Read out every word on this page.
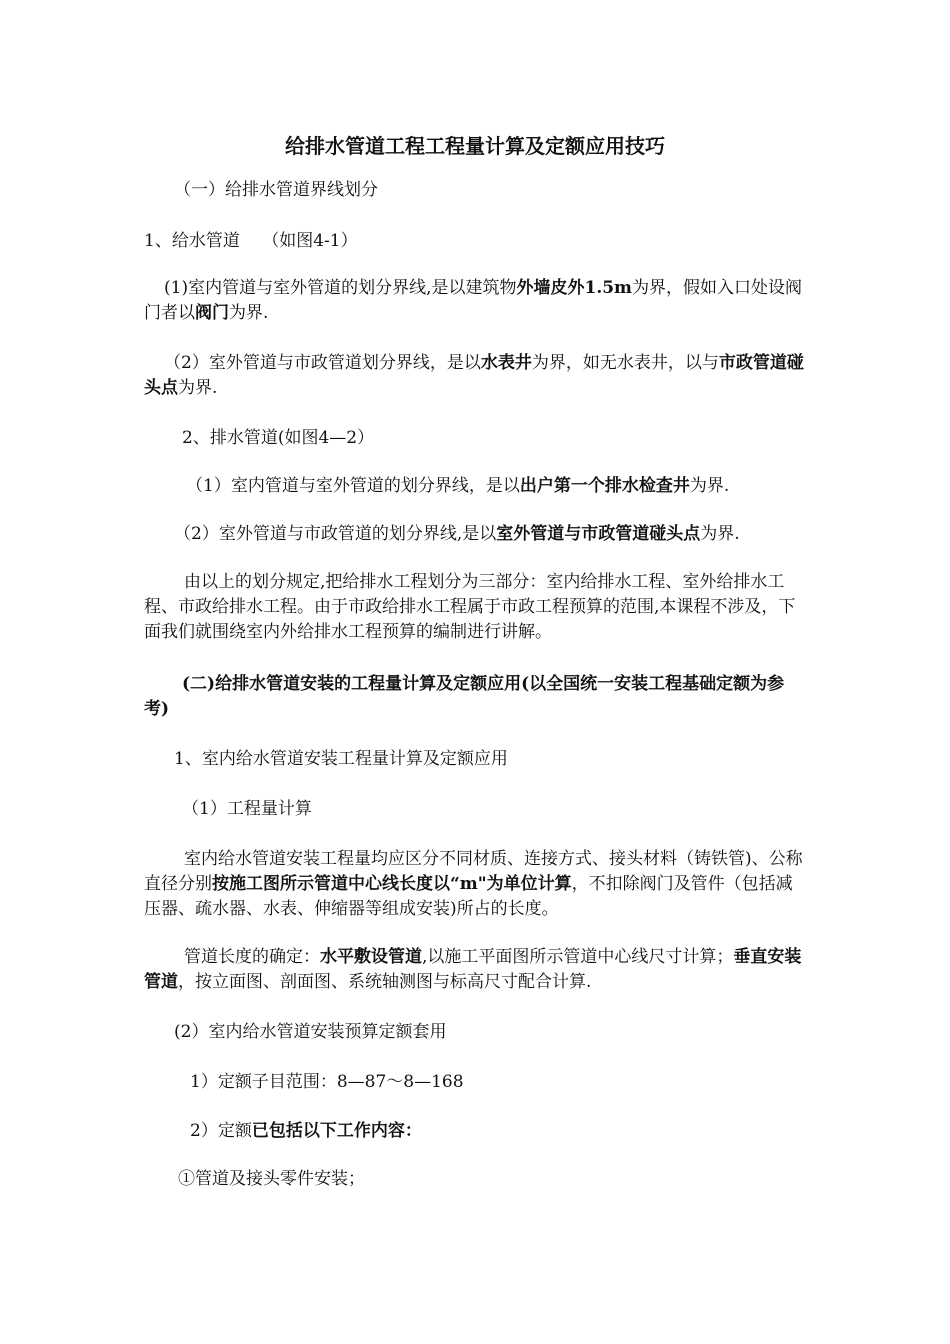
给排水管道工程工程量计算及定额应用技巧
（一）给排水管道界线划分
1、给水管道　 （如图4-1）
(1)室内管道与室外管道的划分界线,是以建筑物外墙皮外1.5m为界，假如入口处设阀门者以阀门为界.
（2）室外管道与市政管道划分界线，是以水表井为界，如无水表井，以与市政管道碰头点为界.
2、排水管道(如图4—2）
（1）室内管道与室外管道的划分界线，是以出户第一个排水检查井为界.
（2）室外管道与市政管道的划分界线,是以室外管道与市政管道碰头点为界.
由以上的划分规定,把给排水工程划分为三部分：室内给排水工程、室外给排水工程、市政给排水工程。由于市政给排水工程属于市政工程预算的范围,本课程不涉及，下面我们就围绕室内外给排水工程预算的编制进行讲解。
(二)给排水管道安装的工程量计算及定额应用(以全国统一安装工程基础定额为参考)
1、室内给水管道安装工程量计算及定额应用
（1）工程量计算
室内给水管道安装工程量均应区分不同材质、连接方式、接头材料（铸铁管)、公称直径分别按施工图所示管道中心线长度以“m"为单位计算，不扣除阀门及管件（包括减压器、疏水器、水表、伸缩器等组成安装)所占的长度。
管道长度的确定：水平敷设管道,以施工平面图所示管道中心线尺寸计算；垂直安装管道，按立面图、剖面图、系统轴测图与标高尺寸配合计算.
(2）室内给水管道安装预算定额套用
1）定额子目范围：8—87～8—168
2）定额已包括以下工作内容：
①管道及接头零件安装；
